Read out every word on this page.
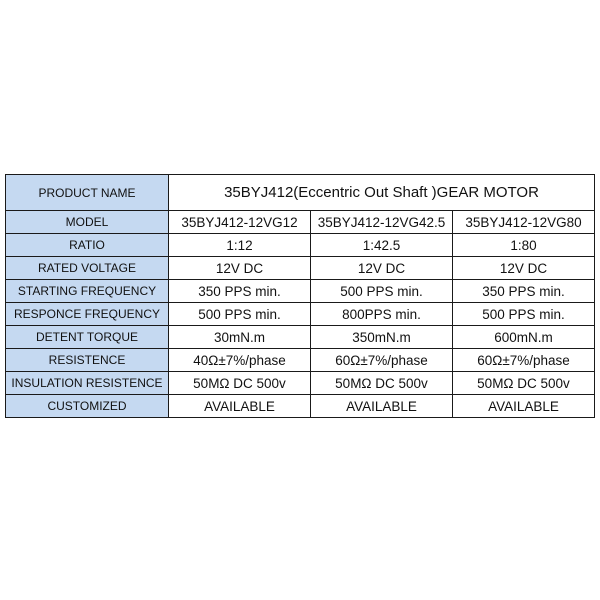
PRODUCT NAME	35BYJ412(Eccentric Out Shaft )GEAR MOTOR		
MODEL	35BYJ412-12VG12	35BYJ412-12VG42.5	35BYJ412-12VG80
RATIO	1:12	1:42.5	1:80
RATED VOLTAGE	12V DC	12V DC	12V DC
STARTING FREQUENCY	350 PPS min.	500 PPS min.	350 PPS min.
RESPONCE FREQUENCY	500 PPS min.	800PPS min.	500 PPS min.
DETENT TORQUE	30mN.m	350mN.m	600mN.m
RESISTENCE	40Ω±7%/phase	60Ω±7%/phase	60Ω±7%/phase
INSULATION RESISTENCE	50MΩ DC 500v	50MΩ DC 500v	50MΩ DC 500v
CUSTOMIZED	AVAILABLE	AVAILABLE	AVAILABLE
